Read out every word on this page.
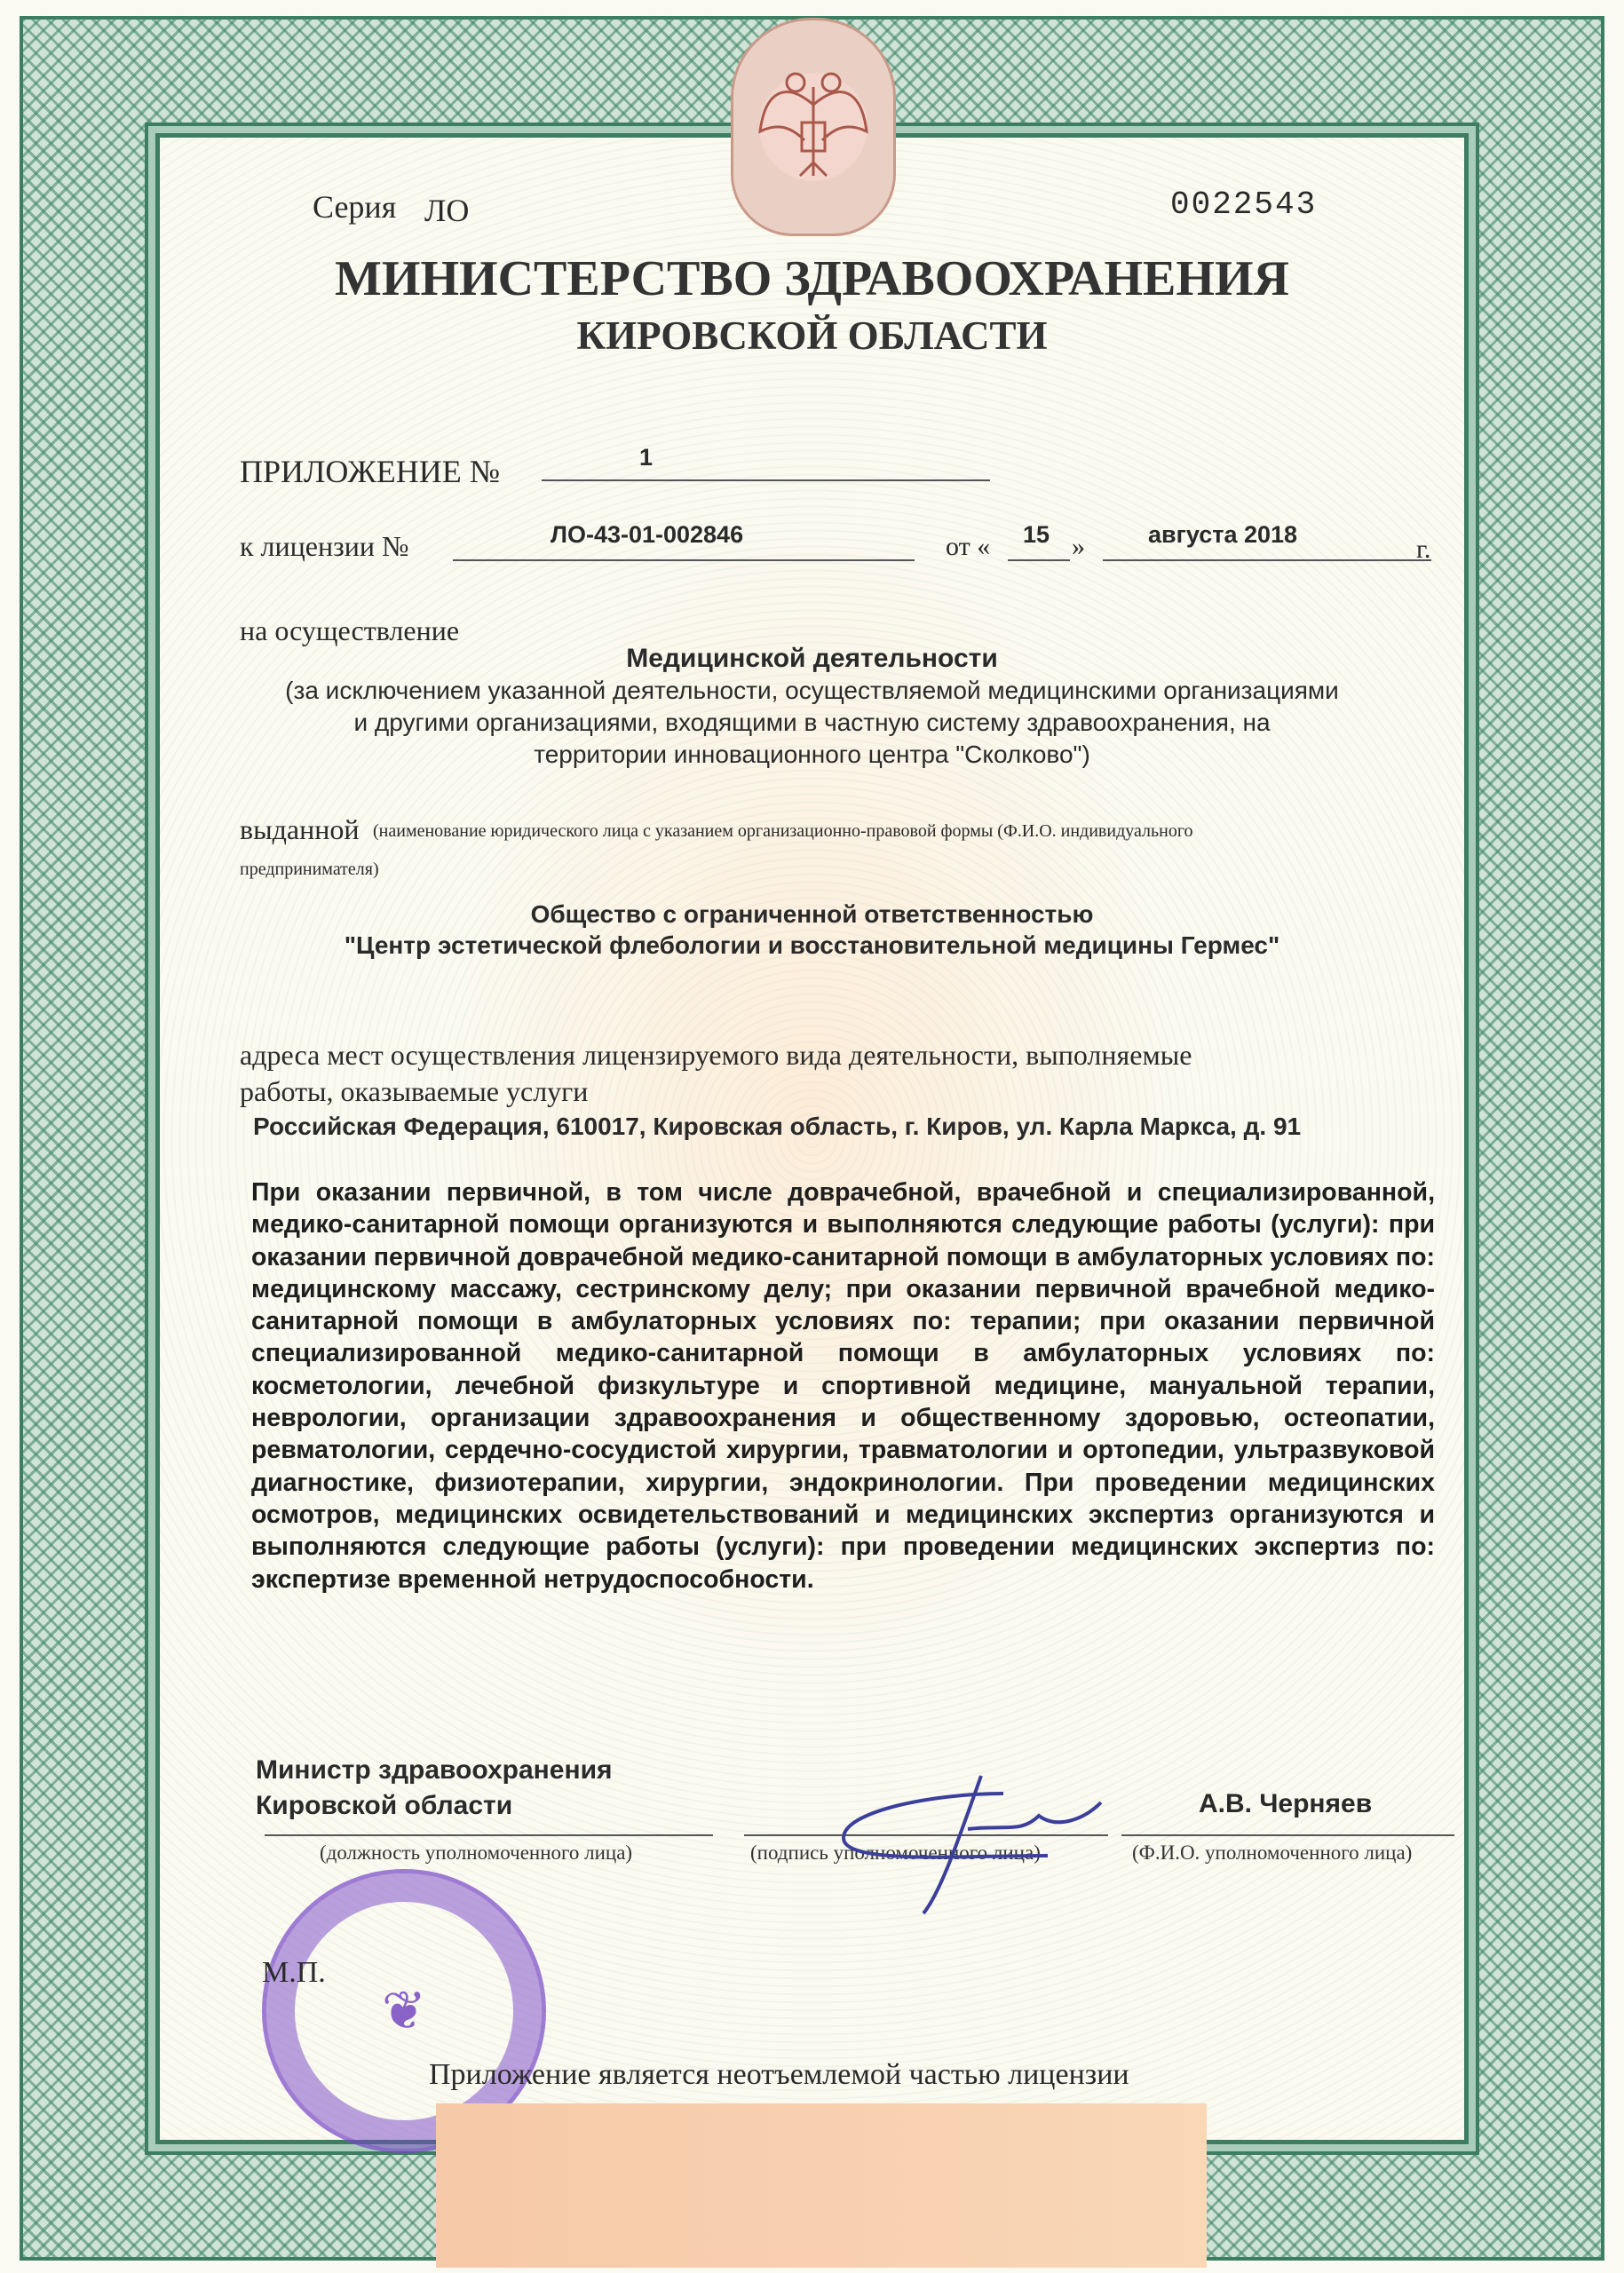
Серия ЛО	0022543
МИНИСТЕРСТВО ЗДРАВООХРАНЕНИЯ
КИРОВСКОЙ ОБЛАСТИ
ПРИЛОЖЕНИЕ №	1
к лицензии №	ЛО-43-01-002846	от « 15 »	августа 2018	г.
на осуществление
Медицинской деятельности
(за исключением указанной деятельности, осуществляемой медицинскими организациями
и другими организациями, входящими в частную систему здравоохранения, на
территории инновационного центра "Сколково")
выданной (наименование юридического лица с указанием организационно-правовой формы (Ф.И.О. индивидуального
предпринимателя)
Общество с ограниченной ответственностью
"Центр эстетической флебологии и восстановительной медицины Гермес"
адреса мест осуществления лицензируемого вида деятельности, выполняемые
работы, оказываемые услуги
Российская Федерация, 610017, Кировская область, г. Киров, ул. Карла Маркса, д. 91
При оказании первичной, в том числе доврачебной, врачебной и специализированной, медико-санитарной помощи организуются и выполняются следующие работы (услуги): при оказании первичной доврачебной медико-санитарной помощи в амбулаторных условиях по: медицинскому массажу, сестринскому делу; при оказании первичной врачебной медико-санитарной помощи в амбулаторных условиях по: терапии; при оказании первичной специализированной медико-санитарной помощи в амбулаторных условиях по: косметологии, лечебной физкультуре и спортивной медицине, мануальной терапии, неврологии, организации здравоохранения и общественному здоровью, остеопатии, ревматологии, сердечно-сосудистой хирургии, травматологии и ортопедии, ультразвуковой диагностике, физиотерапии, хирургии, эндокринологии. При проведении медицинских осмотров, медицинских освидетельствований и медицинских экспертиз организуются и выполняются следующие работы (услуги): при проведении медицинских экспертиз по: экспертизе временной нетрудоспособности.
Министр здравоохранения
Кировской области	А.В. Черняев
(должность уполномоченного лица)	(подпись уполномоченного лица)	(Ф.И.О. уполномоченного лица)
❦
М.П.
Приложение является неотъемлемой частью лицензии
